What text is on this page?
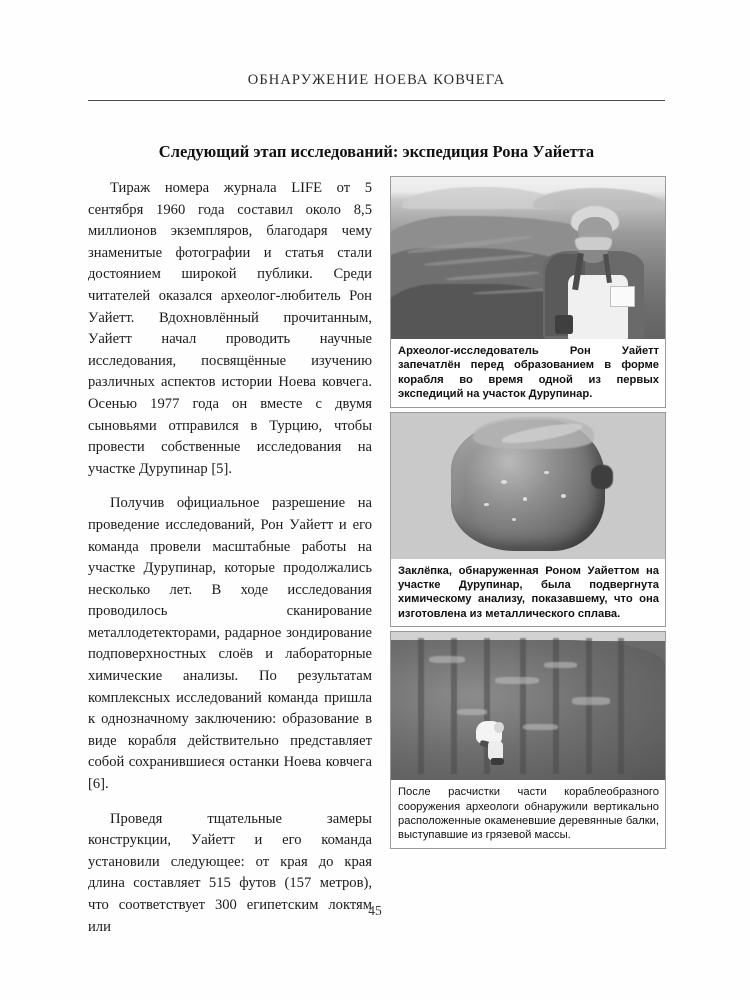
ОБНАРУЖЕНИЕ НОЕВА КОВЧЕГА
Следующий этап исследований: экспедиция Рона Уайетта

Тираж номера журнала LIFE от 5 сентября 1960 года составил около 8,5 миллионов экземпляров, благодаря чему знаменитые фотографии и статья стали достоянием широкой публики. Среди читателей оказался археолог-любитель Рон Уайетт. Вдохновлённый прочитанным, Уайетт начал проводить научные исследования, посвящённые изучению различных аспектов истории Ноева ковчега. Осенью 1977 года он вместе с двумя сыновьями отправился в Турцию, чтобы провести собственные исследования на участке Дурупинар [5].

Получив официальное разрешение на проведение исследований, Рон Уайетт и его команда провели масштабные работы на участке Дурупинар, которые продолжались несколько лет. В ходе исследования проводилось сканирование металлодетекторами, радарное зондирование подповерхностных слоёв и лабораторные химические анализы. По результатам комплексных исследований команда пришла к однозначному заключению: образование в виде корабля действительно представляет собой сохранившиеся останки Ноева ковчега [6].

Проведя тщательные замеры конструкции, Уайетт и его команда установили следующее: от края до края длина составляет 515 футов (157 метров), что соответствует 300 египетским локтям или

Археолог-исследователь Рон Уайетт запечатлён перед образованием в форме корабля во время одной из первых экспедиций на участок Дурупинар.
Заклёпка, обнаруженная Роном Уайеттом на участке Дурупинар, была подвергнута химическому анализу, показавшему, что она изготовлена из металлического сплава.
После расчистки части кораблеобразного сооружения археологи обнаружили вертикально расположенные окаменевшие деревянные балки, выступавшие из грязевой массы.
45
